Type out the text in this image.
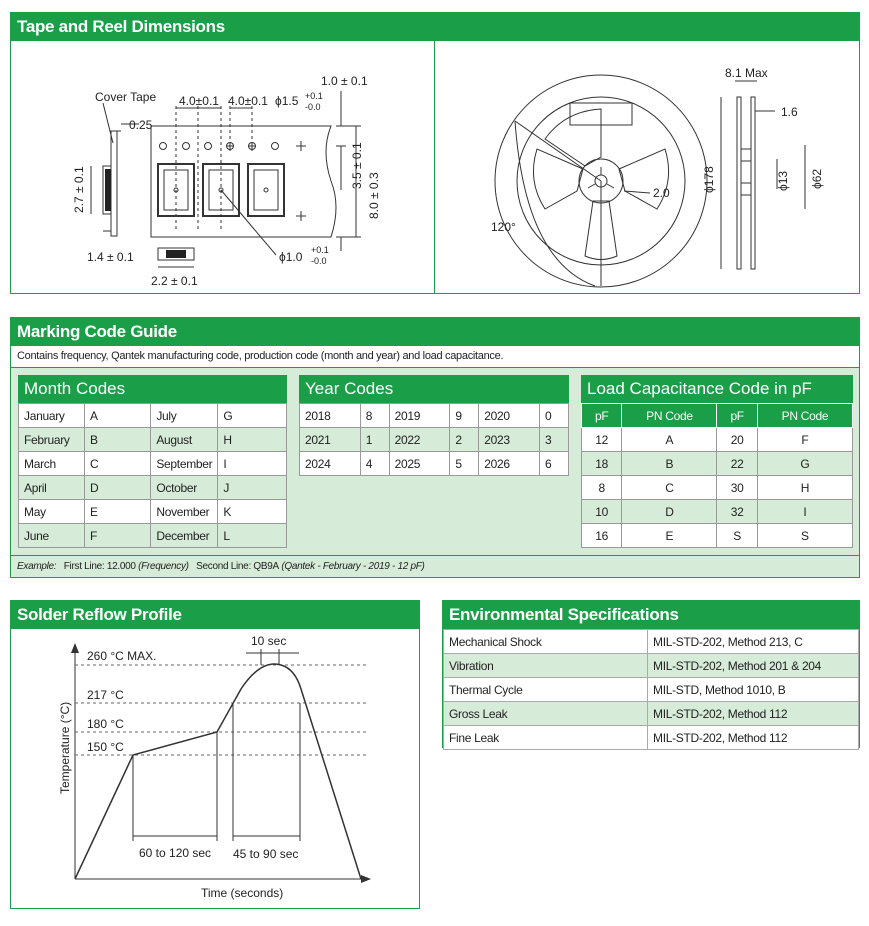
Tape and Reel Dimensions
Cover Tape
0.25
4.0±0.1 4.0±0.1 ϕ1.5 +0.1
-0.0
1.0 ± 0.1
3.5 ± 0.1
8.0 ± 0.3
2.7 ± 0.1
1.4 ± 0.1
2.2 ± 0.1
ϕ1.0 +0.1
-0.0
8.1 Max
1.6
ϕ178	ϕ13 ϕ62
2.0
120°
Marking Code Guide
Contains frequency, Qantek manufacturing code, production code (month and year) and load capacitance.
Month Codes
January	A	July	G
February	B	August	H
March	C	September	I
April	D	October	J
May	E	November	K
June	F	December	L
Year Codes
2018	8	2019	9	2020	0
2021	1	2022	2	2023	3
2024	4	2025	5	2026	6
Load Capacitance Code in pF
pF	PN Code	pF	PN Code
12	A	20	F
18	B	22	G
8	C	30	H
10	D	32	I
16	E	S	S
Example: First Line: 12.000 (Frequency) Second Line: QB9A (Qantek - February - 2019 - 12 pF)
Solder Reflow Profile
260 °C MAX.
217 °C
180 °C
150 °C
10 sec
60 to 120 sec 45 to 90 sec
Time (seconds)
Temperature (°C)
Environmental Specifications
Mechanical Shock	MIL-STD-202, Method 213, C
Vibration	MIL-STD-202, Method 201 & 204
Thermal Cycle	MIL-STD, Method 1010, B
Gross Leak	MIL-STD-202, Method 112
Fine Leak	MIL-STD-202, Method 112
